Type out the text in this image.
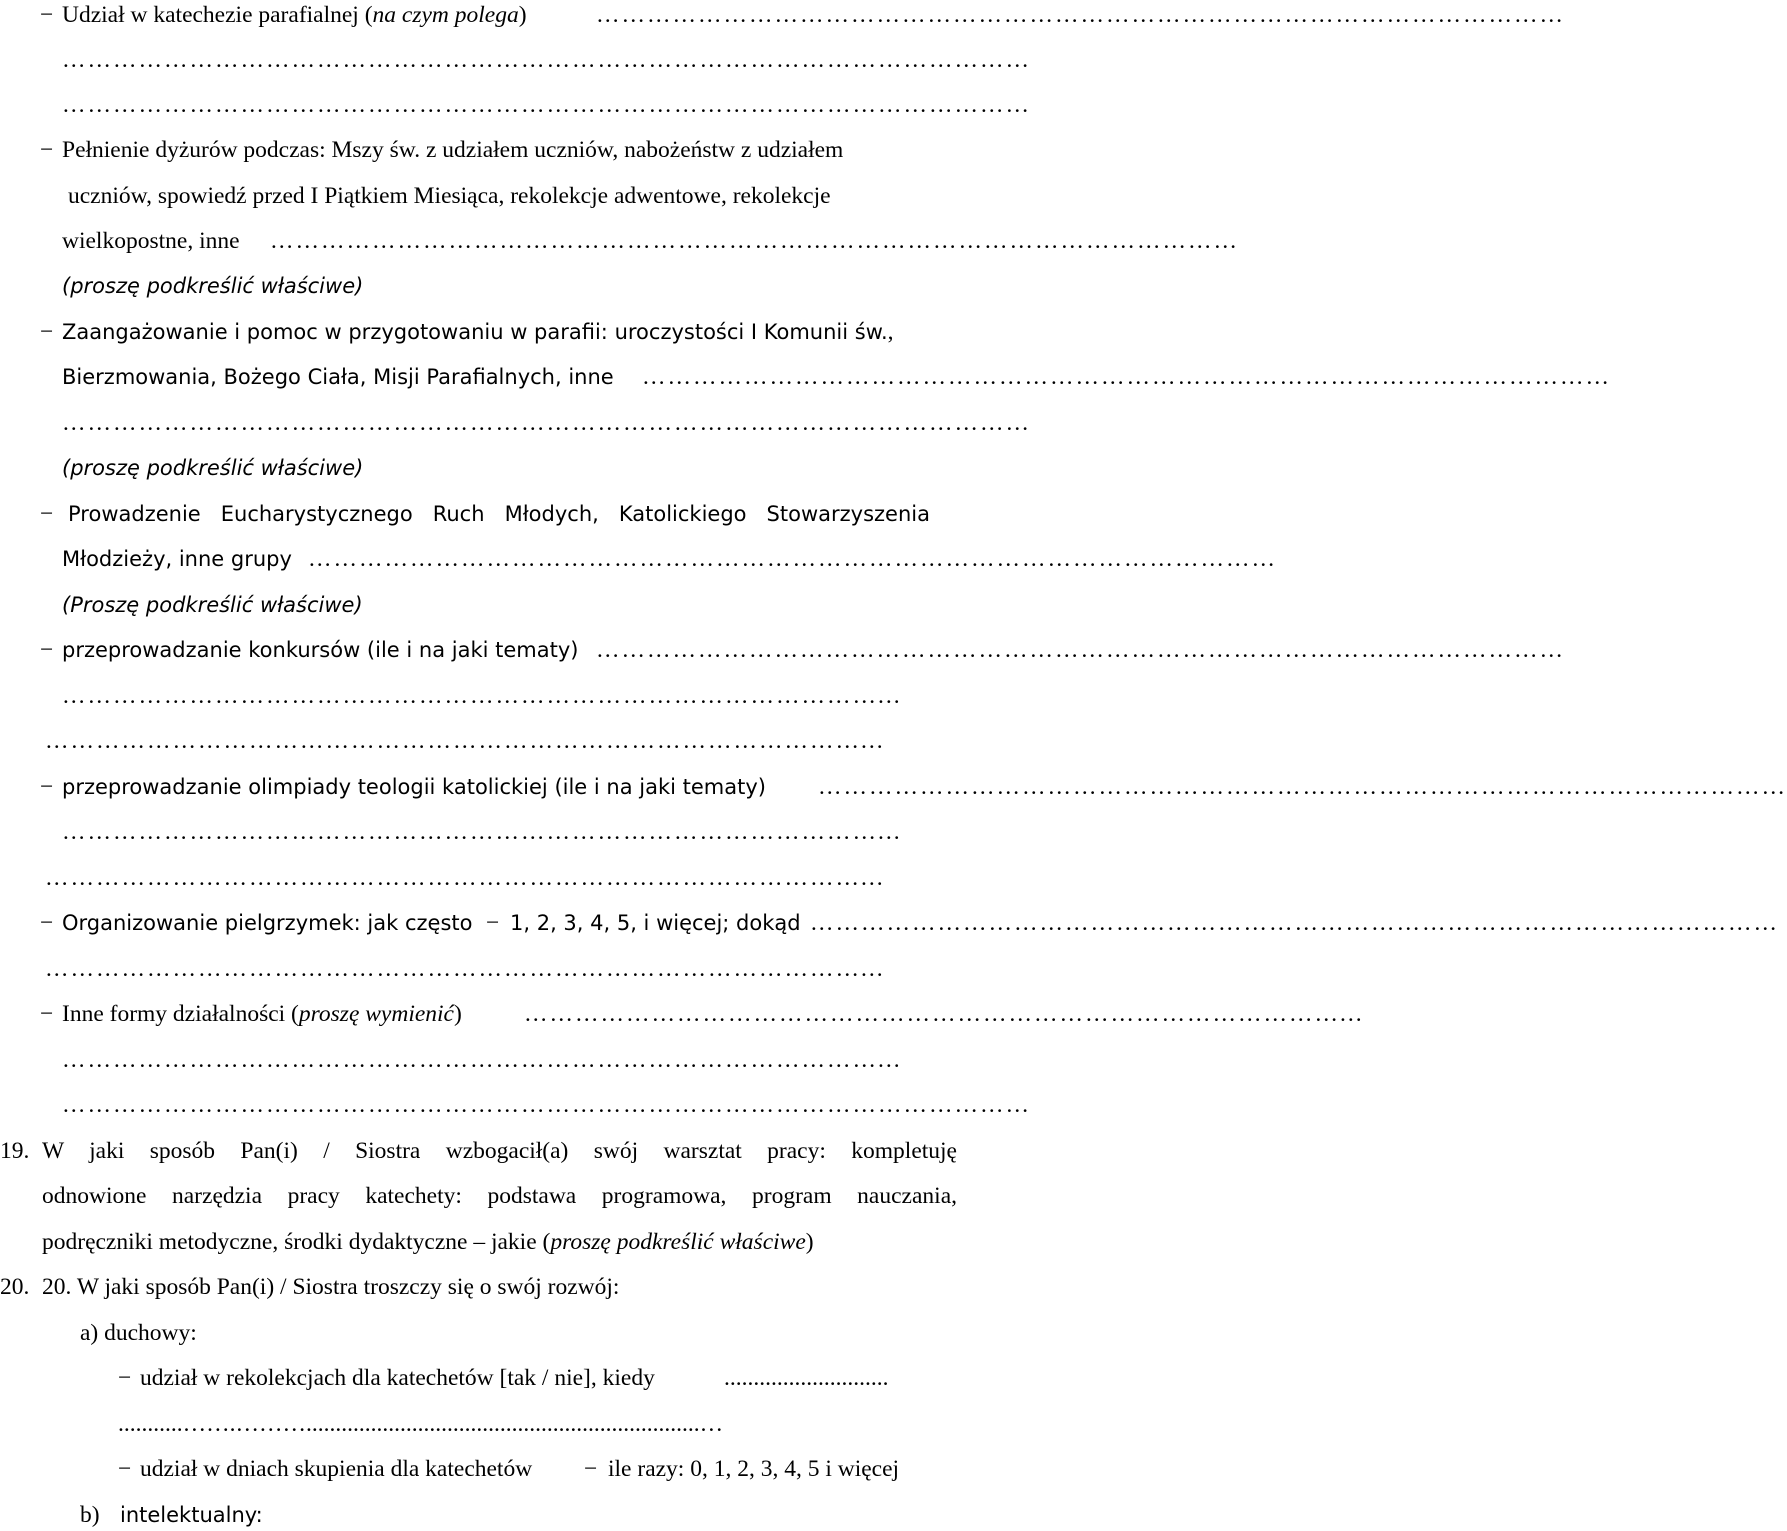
− Udział w katechezie parafialnej (na czym polega)	……………………………………………………………………………………………………
……………………………………………………………………………………………………
……………………………………………………………………………………………………
− Pełnienie dyżurów podczas: Mszy św. z udziałem uczniów, nabożeństw z udziałem
uczniów, spowiedź przed I Piątkiem Miesiąca, rekolekcje adwentowe, rekolekcje
wielkopostne, inne ……………………………………………………………………………………………………
(proszę podkreślić właściwe)
− Zaangażowanie i pomoc w przygotowaniu w parafii: uroczystości I Komunii św.,
Bierzmowania, Bożego Ciała, Misji Parafialnych, inne ……………………………………………………………………………………………………
……………………………………………………………………………………………………
(proszę podkreślić właściwe)
− Prowadzenie Eucharystycznego Ruch Młodych, Katolickiego Stowarzyszenia
Młodzieży, inne grupy ……………………………………………………………………………………………………
(Proszę podkreślić właściwe)
− przeprowadzanie konkursów (ile i na jaki tematy) ……………………………………………………………………………………………………
……………………………………………………………………………………...
……………………………………………………………………………………...
− przeprowadzanie olimpiady teologii katolickiej (ile i na jaki tematy) ……………………………………………………………………………………………………
……………………………………………………………………………………...
……………………………………………………………………………………...
− Organizowanie pielgrzymek: jak często − 1, 2, 3, 4, 5, i więcej; dokąd ……………………………………………………………………………………………………
……………………………………………………………………………………...
− Inne formy działalności (proszę wymienić)	……………………………………………………………………………………...
……………………………………………………………………………………...
……………………………………………………………………………………………………
19. W jaki sposób Pan(i) / Siostra wzbogacił(a) swój warsztat pracy: kompletuję
odnowione narzędzia pracy katechety: podstawa programowa, program nauczania,
podręczniki metodyczne, środki dydaktyczne – jakie (proszę podkreślić właściwe)
20. 20. W jaki sposób Pan(i) / Siostra troszczy się o swój rozwój:
a) duchowy:
− udział w rekolekcjach dla katechetów [tak / nie], kiedy	............................
...........…….………...................................................................…
− udział w dniach skupienia dla katechetów − ile razy: 0, 1, 2, 3, 4, 5 i więcej
b) intelektualny:
